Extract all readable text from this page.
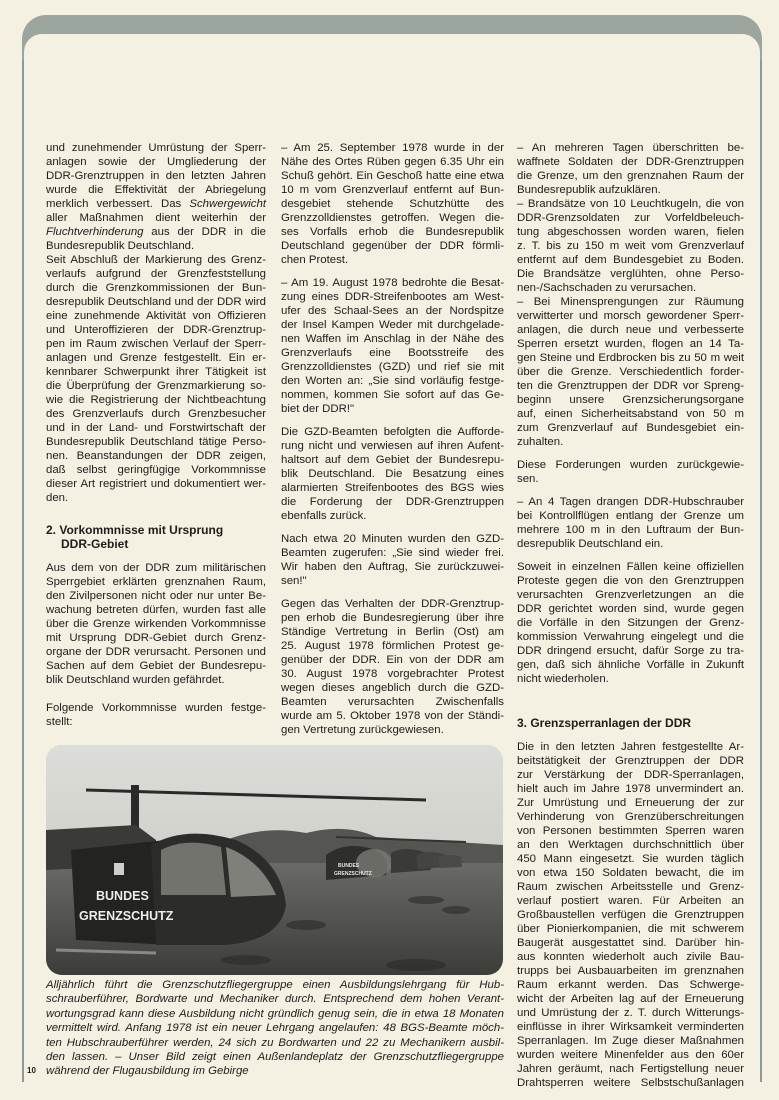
und zunehmender Umrüstung der Sperr-
anlagen sowie der Umgliederung der
DDR-Grenztruppen in den letzten Jahren
wurde die Effektivität der Abriegelung
merklich verbessert. Das Schwergewicht
aller Maßnahmen dient weiterhin der
Fluchtverhinderung aus der DDR in die
Bundesrepublik Deutschland.
Seit Abschluß der Markierung des Grenz-
verlaufs aufgrund der Grenzfeststellung
durch die Grenzkommissionen der Bun-
desrepublik Deutschland und der DDR wird
eine zunehmende Aktivität von Offizieren
und Unteroffizieren der DDR-Grenztrup-
pen im Raum zwischen Verlauf der Sperr-
anlagen und Grenze festgestellt. Ein er-
kennbarer Schwerpunkt ihrer Tätigkeit ist
die Überprüfung der Grenzmarkierung so-
wie die Registrierung der Nichtbeachtung
des Grenzverlaufs durch Grenzbesucher
und in der Land- und Forstwirtschaft der
Bundesrepublik Deutschland tätige Perso-
nen. Beanstandungen der DDR zeigen,
daß selbst geringfügige Vorkommnisse
dieser Art registriert und dokumentiert wer-
den.
2. Vorkommnisse mit Ursprung
DDR-Gebiet
Aus dem von der DDR zum militärischen
Sperrgebiet erklärten grenznahen Raum,
den Zivilpersonen nicht oder nur unter Be-
wachung betreten dürfen, wurden fast alle
über die Grenze wirkenden Vorkommnisse
mit Ursprung DDR-Gebiet durch Grenz-
organe der DDR verursacht. Personen und
Sachen auf dem Gebiet der Bundesrepu-
blik Deutschland wurden gefährdet.
Folgende Vorkommnisse wurden festge-
stellt:
– Am 25. September 1978 wurde in der
Nähe des Ortes Rüben gegen 6.35 Uhr ein
Schuß gehört. Ein Geschoß hatte eine etwa
10 m vom Grenzverlauf entfernt auf Bun-
desgebiet stehende Schutzhütte des
Grenzzolldienstes getroffen. Wegen die-
ses Vorfalls erhob die Bundesrepublik
Deutschland gegenüber der DDR förmli-
chen Protest.
– Am 19. August 1978 bedrohte die Besat-
zung eines DDR-Streifenbootes am West-
ufer des Schaal-Sees an der Nordspitze
der Insel Kampen Weder mit durchgelade-
nen Waffen im Anschlag in der Nähe des
Grenzverlaufs eine Bootsstreife des
Grenzzolldienstes (GZD) und rief sie mit
den Worten an: „Sie sind vorläufig festge-
nommen, kommen Sie sofort auf das Ge-
biet der DDR!"
Die GZD-Beamten befolgten die Aufforde-
rung nicht und verwiesen auf ihren Aufent-
haltsort auf dem Gebiet der Bundesrepu-
blik Deutschland. Die Besatzung eines
alarmierten Streifenbootes des BGS wies
die Forderung der DDR-Grenztruppen
ebenfalls zurück.
Nach etwa 20 Minuten wurden den GZD-
Beamten zugerufen: „Sie sind wieder frei.
Wir haben den Auftrag, Sie zurückzuwei-
sen!"
Gegen das Verhalten der DDR-Grenztrup-
pen erhob die Bundesregierung über ihre
Ständige Vertretung in Berlin (Ost) am
25. August 1978 förmlichen Protest ge-
genüber der DDR. Ein von der DDR am
30. August 1978 vorgebrachter Protest
wegen dieses angeblich durch die GZD-
Beamten verursachten Zwischenfalls
wurde am 5. Oktober 1978 von der Ständi-
gen Vertretung zurückgewiesen.
– An mehreren Tagen überschritten be-
waffnete Soldaten der DDR-Grenztruppen
die Grenze, um den grenznahen Raum der
Bundesrepublik aufzuklären.
– Brandsätze von 10 Leuchtkugeln, die von
DDR-Grenzsoldaten zur Vorfeldbeleuch-
tung abgeschossen worden waren, fielen
z. T. bis zu 150 m weit vom Grenzverlauf
entfernt auf dem Bundesgebiet zu Boden.
Die Brandsätze verglühten, ohne Perso-
nen-/Sachschaden zu verursachen.
– Bei Minensprengungen zur Räumung
verwitterter und morsch gewordener Sperr-
anlagen, die durch neue und verbesserte
Sperren ersetzt wurden, flogen an 14 Ta-
gen Steine und Erdbrocken bis zu 50 m weit
über die Grenze. Verschiedentlich forder-
ten die Grenztruppen der DDR vor Spreng-
beginn unsere Grenzsicherungsorgane
auf, einen Sicherheitsabstand von 50 m
zum Grenzverlauf auf Bundesgebiet ein-
zuhalten.
Diese Forderungen wurden zurückgewie-
sen.
– An 4 Tagen drangen DDR-Hubschrauber
bei Kontrollflügen entlang der Grenze um
mehrere 100 m in den Luftraum der Bun-
desrepublik Deutschland ein.
Soweit in einzelnen Fällen keine offiziellen
Proteste gegen die von den Grenztruppen
verursachten Grenzverletzungen an die
DDR gerichtet worden sind, wurde gegen
die Vorfälle in den Sitzungen der Grenz-
kommission Verwahrung eingelegt und die
DDR dringend ersucht, dafür Sorge zu tra-
gen, daß sich ähnliche Vorfälle in Zukunft
nicht wiederholen.
3. Grenzsperranlagen der DDR
Die in den letzten Jahren festgestellte Ar-
beitstätigkeit der Grenztruppen der DDR
zur Verstärkung der DDR-Sperranlagen,
hielt auch im Jahre 1978 unvermindert an.
Zur Umrüstung und Erneuerung der zur
Verhinderung von Grenzüberschreitungen
von Personen bestimmten Sperren waren
an den Werktagen durchschnittlich über
450 Mann eingesetzt. Sie wurden täglich
von etwa 150 Soldaten bewacht, die im
Raum zwischen Arbeitsstelle und Grenz-
verlauf postiert waren. Für Arbeiten an
Großbaustellen verfügen die Grenztruppen
über Pionierkompanien, die mit schwerem
Baugerät ausgestattet sind. Darüber hin-
aus konnten wiederholt auch zivile Bau-
trupps bei Ausbauarbeiten im grenznahen
Raum erkannt werden. Das Schwerge-
wicht der Arbeiten lag auf der Erneuerung
und Umrüstung der z. T. durch Witterungs-
einflüsse in ihrer Wirksamkeit verminderten
Sperranlagen. Im Zuge dieser Maßnahmen
wurden weitere Minenfelder aus den 60er
Jahren geräumt, nach Fertigstellung neuer
Drahtsperren weitere Selbstschußanlagen
BUNDES
GRENZSCHUTZ
BUNDES
GRENZSCHUTZ
Alljährlich führt die Grenzschutzfliegergruppe einen Ausbildungslehrgang für Hub-
schrauberführer, Bordwarte und Mechaniker durch. Entsprechend dem hohen Verant-
wortungsgrad kann diese Ausbildung nicht gründlich genug sein, die in etwa 18 Monaten
vermittelt wird. Anfang 1978 ist ein neuer Lehrgang angelaufen: 48 BGS-Beamte möch-
ten Hubschrauberführer werden, 24 sich zu Bordwarten und 22 zu Mechanikern ausbil-
den lassen. – Unser Bild zeigt einen Außenlandeplatz der Grenzschutzfliegergruppe
während der Flugausbildung im Gebirge
10
